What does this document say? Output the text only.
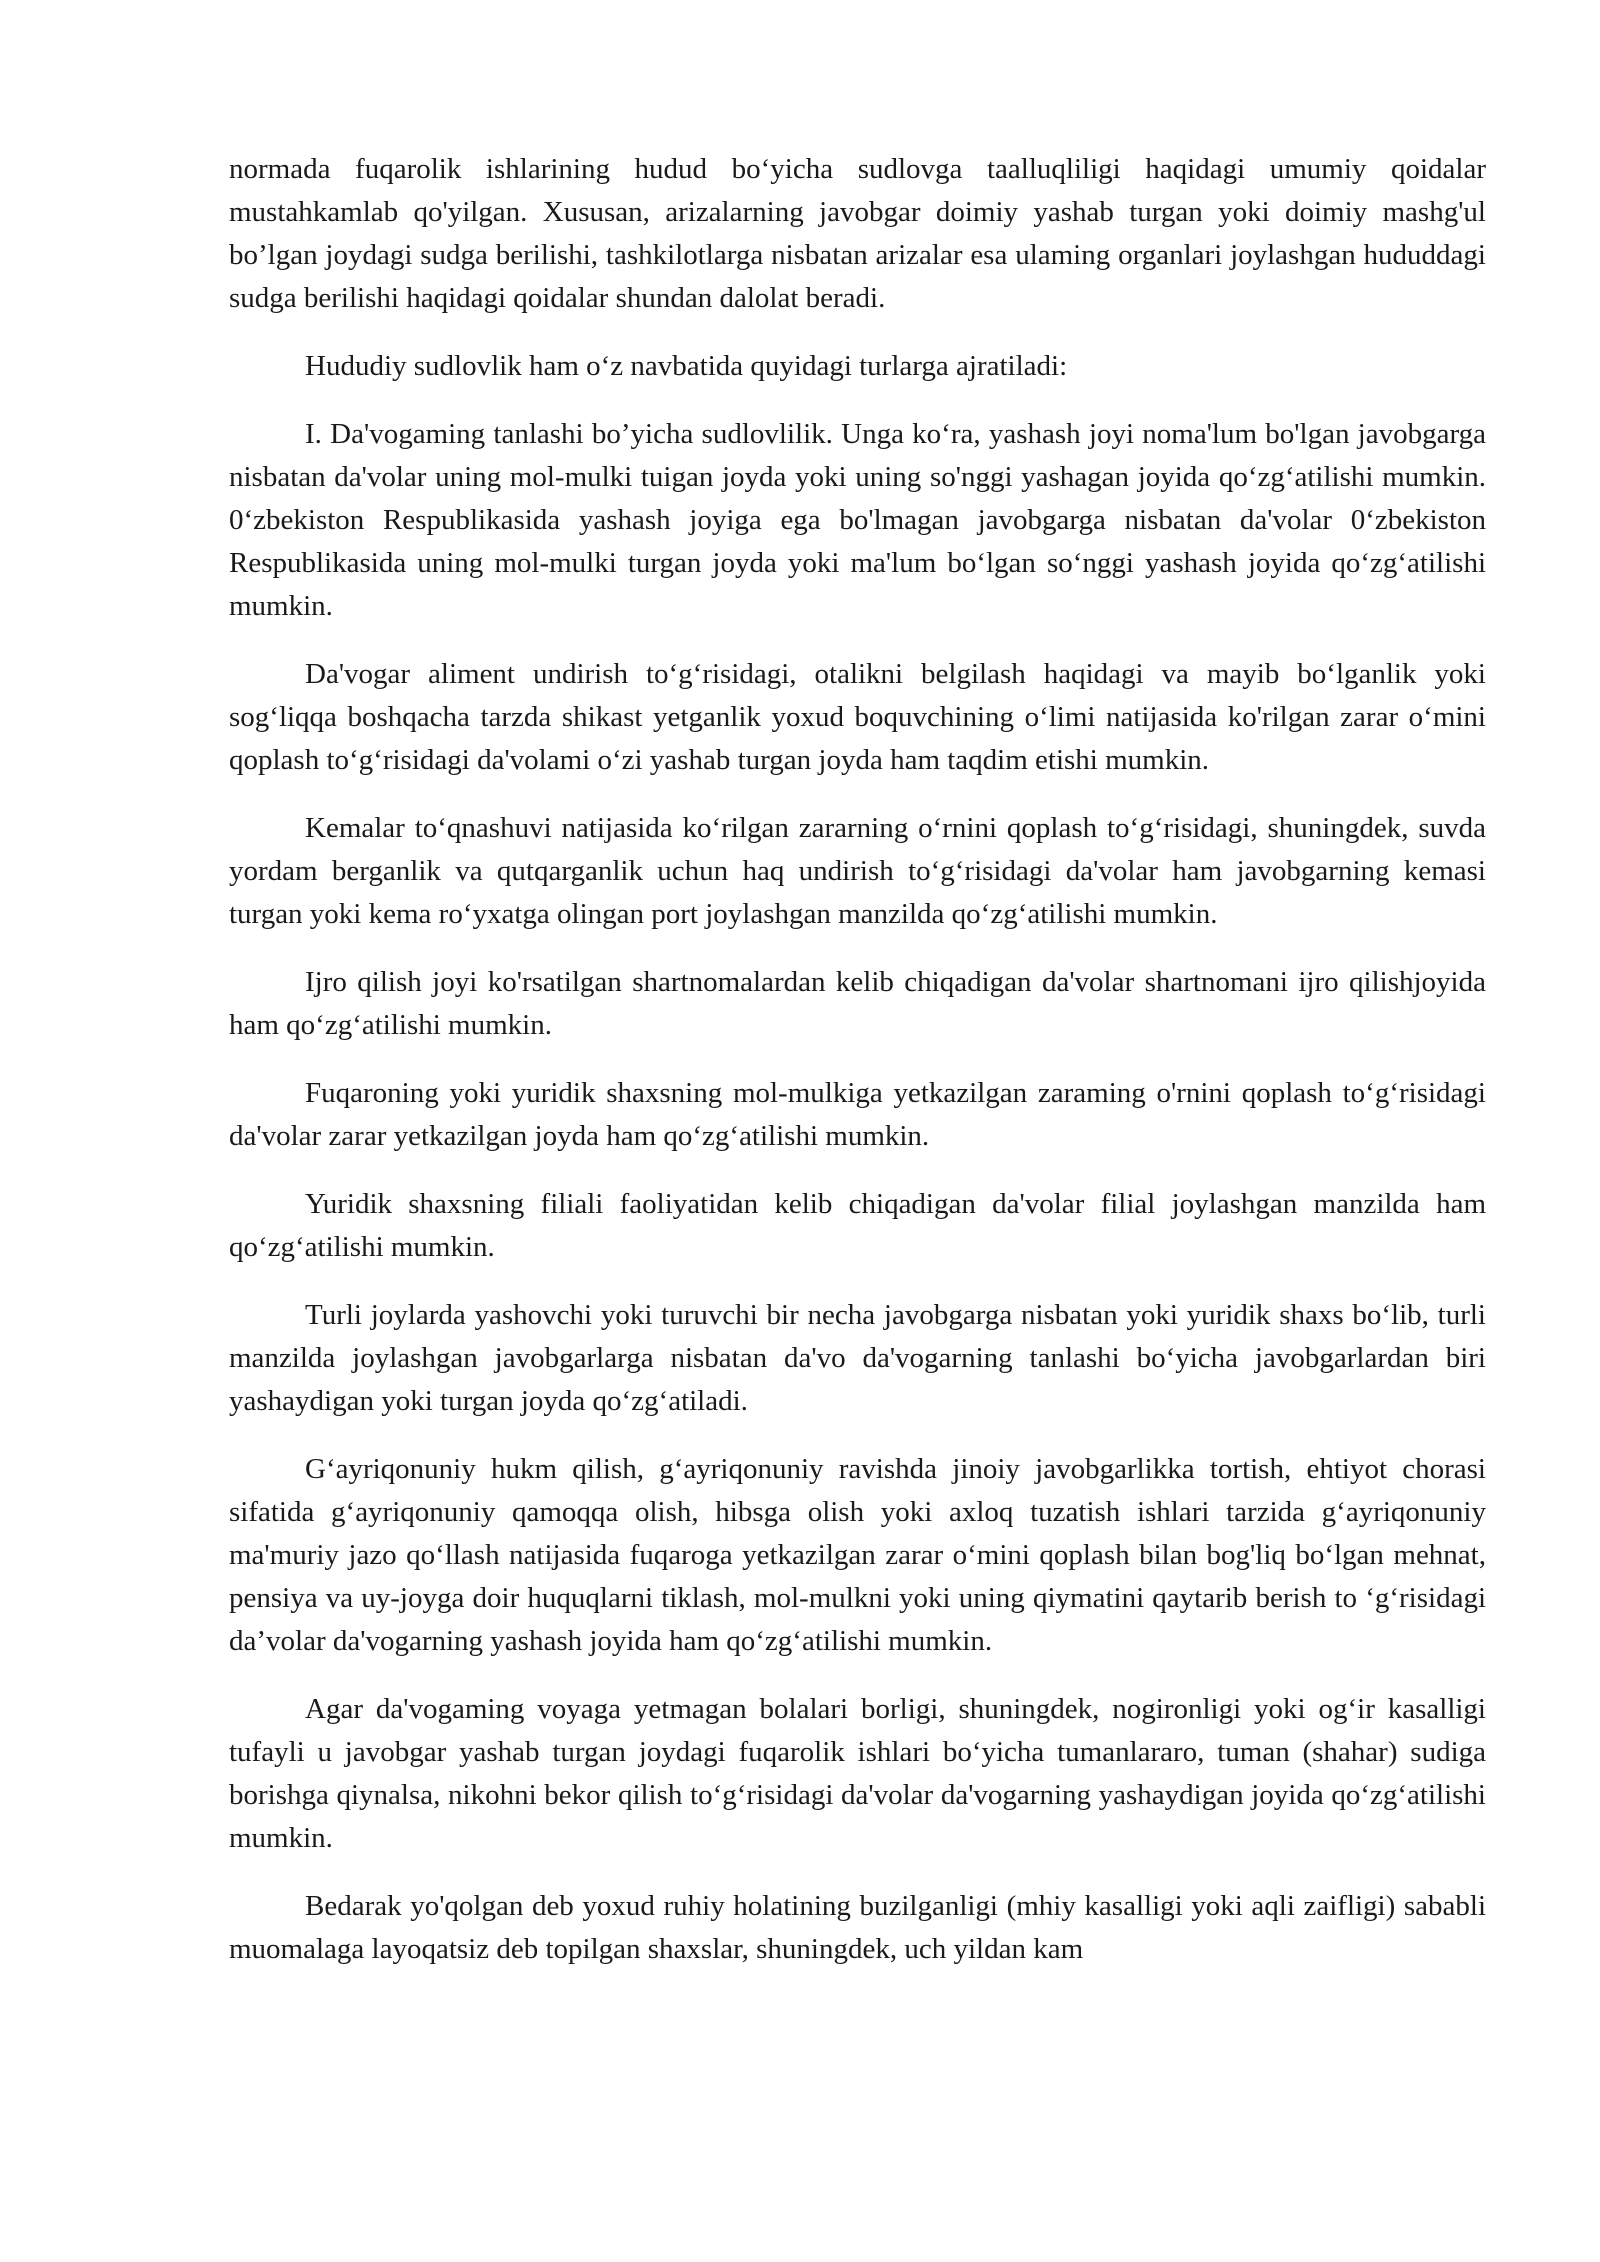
normada fuqarolik ishlarining hudud bo‘yicha sudlovga taalluqliligi haqidagi umumiy qoidalar mustahkamlab qo'yilgan. Xususan, arizalarning javobgar doimiy yashab turgan yoki doimiy mashg'ul bo’lgan joydagi sudga berilishi, tashkilotlarga nisbatan arizalar esa ulaming organlari joylashgan hududdagi sudga berilishi haqidagi qoidalar shundan dalolat beradi.

Hududiy sudlovlik ham o‘z navbatida quyidagi turlarga ajratiladi:

I. Da'vogaming tanlashi bo’yicha sudlovlilik. Unga ko‘ra, yashash joyi noma'lum bo'lgan javobgarga nisbatan da'volar uning mol-mulki tuigan joyda yoki uning so'nggi yashagan joyida qo‘zg‘atilishi mumkin. 0‘zbekiston Respublikasida yashash joyiga ega bo'lmagan javobgarga nisbatan da'volar 0‘zbekiston Respublikasida uning mol-mulki turgan joyda yoki ma'lum bo‘lgan so‘nggi yashash joyida qo‘zg‘atilishi mumkin.

Da'vogar aliment undirish to‘g‘risidagi, otalikni belgilash haqidagi va mayib bo‘lganlik yoki sog‘liqqa boshqacha tarzda shikast yetganlik yoxud boquvchining o‘limi natijasida ko'rilgan zarar o‘mini qoplash to‘g‘risidagi da'volami o‘zi yashab turgan joyda ham taqdim etishi mumkin.

Kemalar to‘qnashuvi natijasida ko‘rilgan zararning o‘rnini qoplash to‘g‘risidagi, shuningdek, suvda yordam berganlik va qutqarganlik uchun haq undirish to‘g‘risidagi da'volar ham javobgarning kemasi turgan yoki kema ro‘yxatga olingan port joylashgan manzilda qo‘zg‘atilishi mumkin.

Ijro qilish joyi ko'rsatilgan shartnomalardan kelib chiqadigan da'volar shartnomani ijro qilishjoyida ham qo‘zg‘atilishi mumkin.

Fuqaroning yoki yuridik shaxsning mol-mulkiga yetkazilgan zaraming o'rnini qoplash to‘g‘risidagi da'volar zarar yetkazilgan joyda ham qo‘zg‘atilishi mumkin.

Yuridik shaxsning filiali faoliyatidan kelib chiqadigan da'volar filial joylashgan manzilda ham qo‘zg‘atilishi mumkin.

Turli joylarda yashovchi yoki turuvchi bir necha javobgarga nisbatan yoki yuridik shaxs bo‘lib, turli manzilda joylashgan javobgarlarga nisbatan da'vo da'vogarning tanlashi bo‘yicha javobgarlardan biri yashaydigan yoki turgan joyda qo‘zg‘atiladi.

G‘ayriqonuniy hukm qilish, g‘ayriqonuniy ravishda jinoiy javobgarlikka tortish, ehtiyot chorasi sifatida g‘ayriqonuniy qamoqqa olish, hibsga olish yoki axloq tuzatish ishlari tarzida g‘ayriqonuniy ma'muriy jazo qo‘llash natijasida fuqaroga yetkazilgan zarar o‘mini qoplash bilan bog'liq bo‘lgan mehnat, pensiya va uy-joyga doir huquqlarni tiklash, mol-mulkni yoki uning qiymatini qaytarib berish to ‘g‘risidagi da’volar da'vogarning yashash joyida ham qo‘zg‘atilishi mumkin.

Agar da'vogaming voyaga yetmagan bolalari borligi, shuningdek, nogironligi yoki og‘ir kasalligi tufayli u javobgar yashab turgan joydagi fuqarolik ishlari bo‘yicha tumanlararo, tuman (shahar) sudiga borishga qiynalsa, nikohni bekor qilish to‘g‘risidagi da'volar da'vogarning yashaydigan joyida qo‘zg‘atilishi mumkin.

Bedarak yo'qolgan deb yoxud ruhiy holatining buzilganligi (mhiy kasalligi yoki aqli zaifligi) sababli muomalaga layoqatsiz deb topilgan shaxslar, shuningdek, uch yildan kam
